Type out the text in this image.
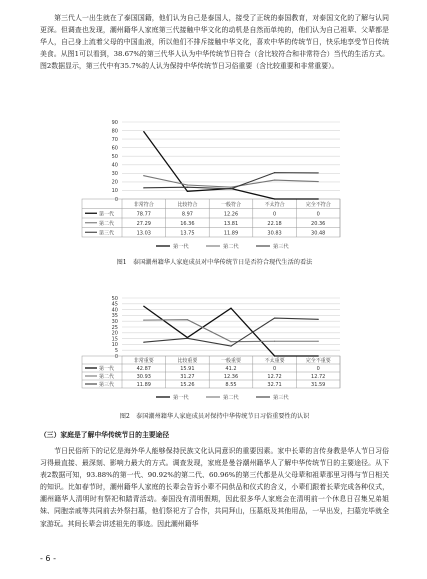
第三代人一出生就在了泰国国籍，他们认为自己是泰国人，接受了正统的泰国教育，对泰国文化的了解与认同更深。但调查也发现，潮州籍华人家庭第三代接触中华文化的动机是自然而单纯的，他们认为自己祖辈、父辈都是华人，自己身上流着父母的中国血液，所以他们不排斥接触中华文化，喜欢中华的传统节日，快乐地享受节日传统美食。从图1可以看到，38.67%的第三代华人认为中华传统节日符合（含比较符合和非常符合）当代的生活方式。图2数据显示，第三代中有35.7%的人认为保持中华传统节日习俗重要（含比较重要和非常重要）。
90
80
70
60
50
40
30
20
10
0
非常符合	比较符合	一般符合	不太符合	完全不符合
第一代	78.77	8.97	12.26	0	0
第二代	27.29	16.36	13.81	22.18	20.36
第三代	13.03	13.75	11.89	30.83	30.48
第一代	第二代	第三代
图1　泰国潮州籍华人家庭成员对中华传统节日是否符合现代生活的看法
50
45
40
35
30
25
20
15
10
5
0
非常重要	比较重要	一般重要	不太重要	完全不重要
第一代	42.87	15.91	41.2	0	0
第二代	30.93	31.27	12.36	12.72	12.72
第三代	11.89	15.26	8.55	32.71	31.59
第一代	第二代	第三代
图2　泰国潮州籍华人家庭成员对保持中华传统节日习俗重要性的认识
（三）家庭是了解中华传统节日的主要途径
节日民俗所下的记忆是海外华人能够保持民族文化认同意识的重要因素。家中长辈的言传身教是华人节日习俗习得最直接、最深刻、影响力最大的方式。调查发现，家庭是曼谷潮州籍华人了解中华传统节日的主要途径。从下表2数据可知，93.88%的第一代、90.92%的第二代、60.96%的第三代都是从父母辈和祖辈那里习得与节日相关的知识。比如春节时，潮州籍华人家庭的长辈会告诉小辈不同供品和仪式的含义，小辈们跟着长辈完成各种仪式，潮州籍华人清明时有祭祀和踏青活动。泰国没有清明假期，因此很多华人家庭会在清明前一个休息日召集兄弟姐妹、同胞亲戚等共同前去外祭扫墓，他们祭祀方了合作，共同拜山，压墓纸及其他用品，一早出发，扫墓完毕就全家游玩。其间长辈会讲述祖先的事迹。因此潮州籍华
- 6 -
